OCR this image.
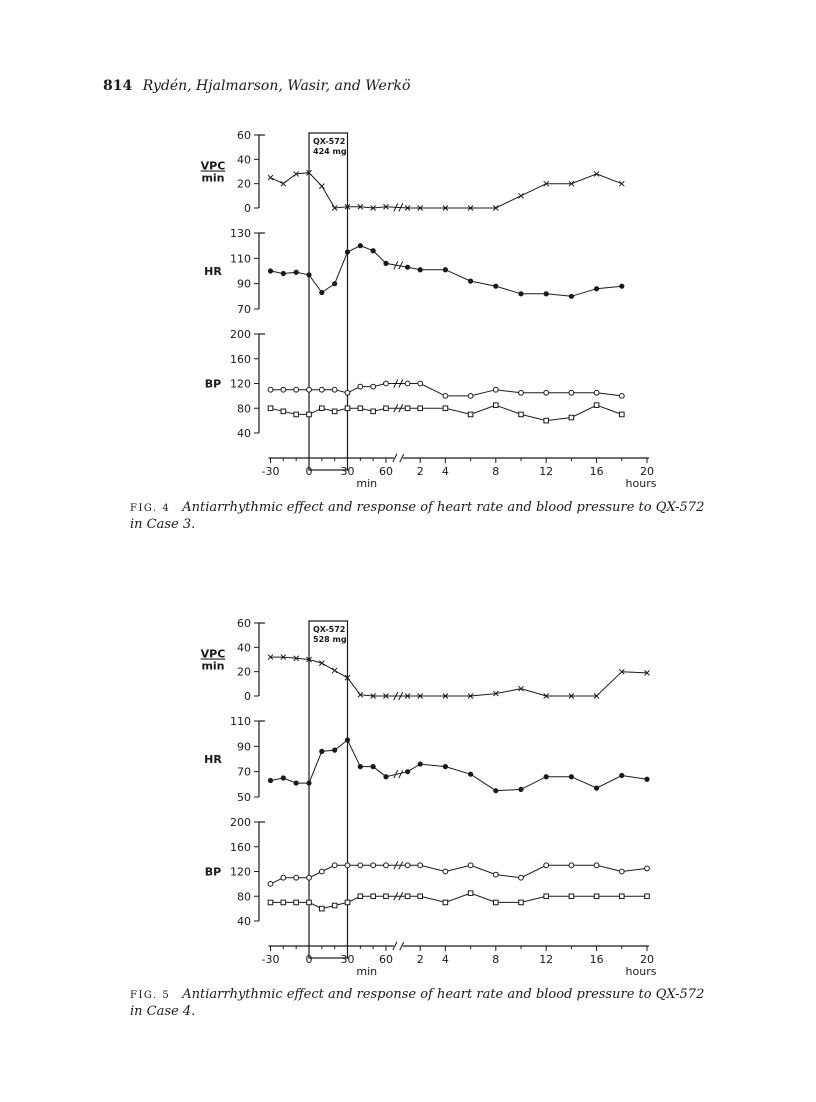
814 Rydén, Hjalmarson, Wasir, and Werkö
QX-572
424 mg
60
40
20
0
VPC
min
130
110
90
70
HR
200
160
120
80
40
BP
-30 0	30 60 2 4	8	12	16	20
min	hours
FIG. 4 Antiarrhythmic effect and response of heart rate and blood pressure to QX-572 in Case 3.
QX-572
528 mg
60
40
20
0
VPC
min
110
90
70
50
HR
200
160
120
80
40
BP
-30 0	30 60 2 4	8	12	16	20
min	hours
FIG. 5 Antiarrhythmic effect and response of heart rate and blood pressure to QX-572 in Case 4.
